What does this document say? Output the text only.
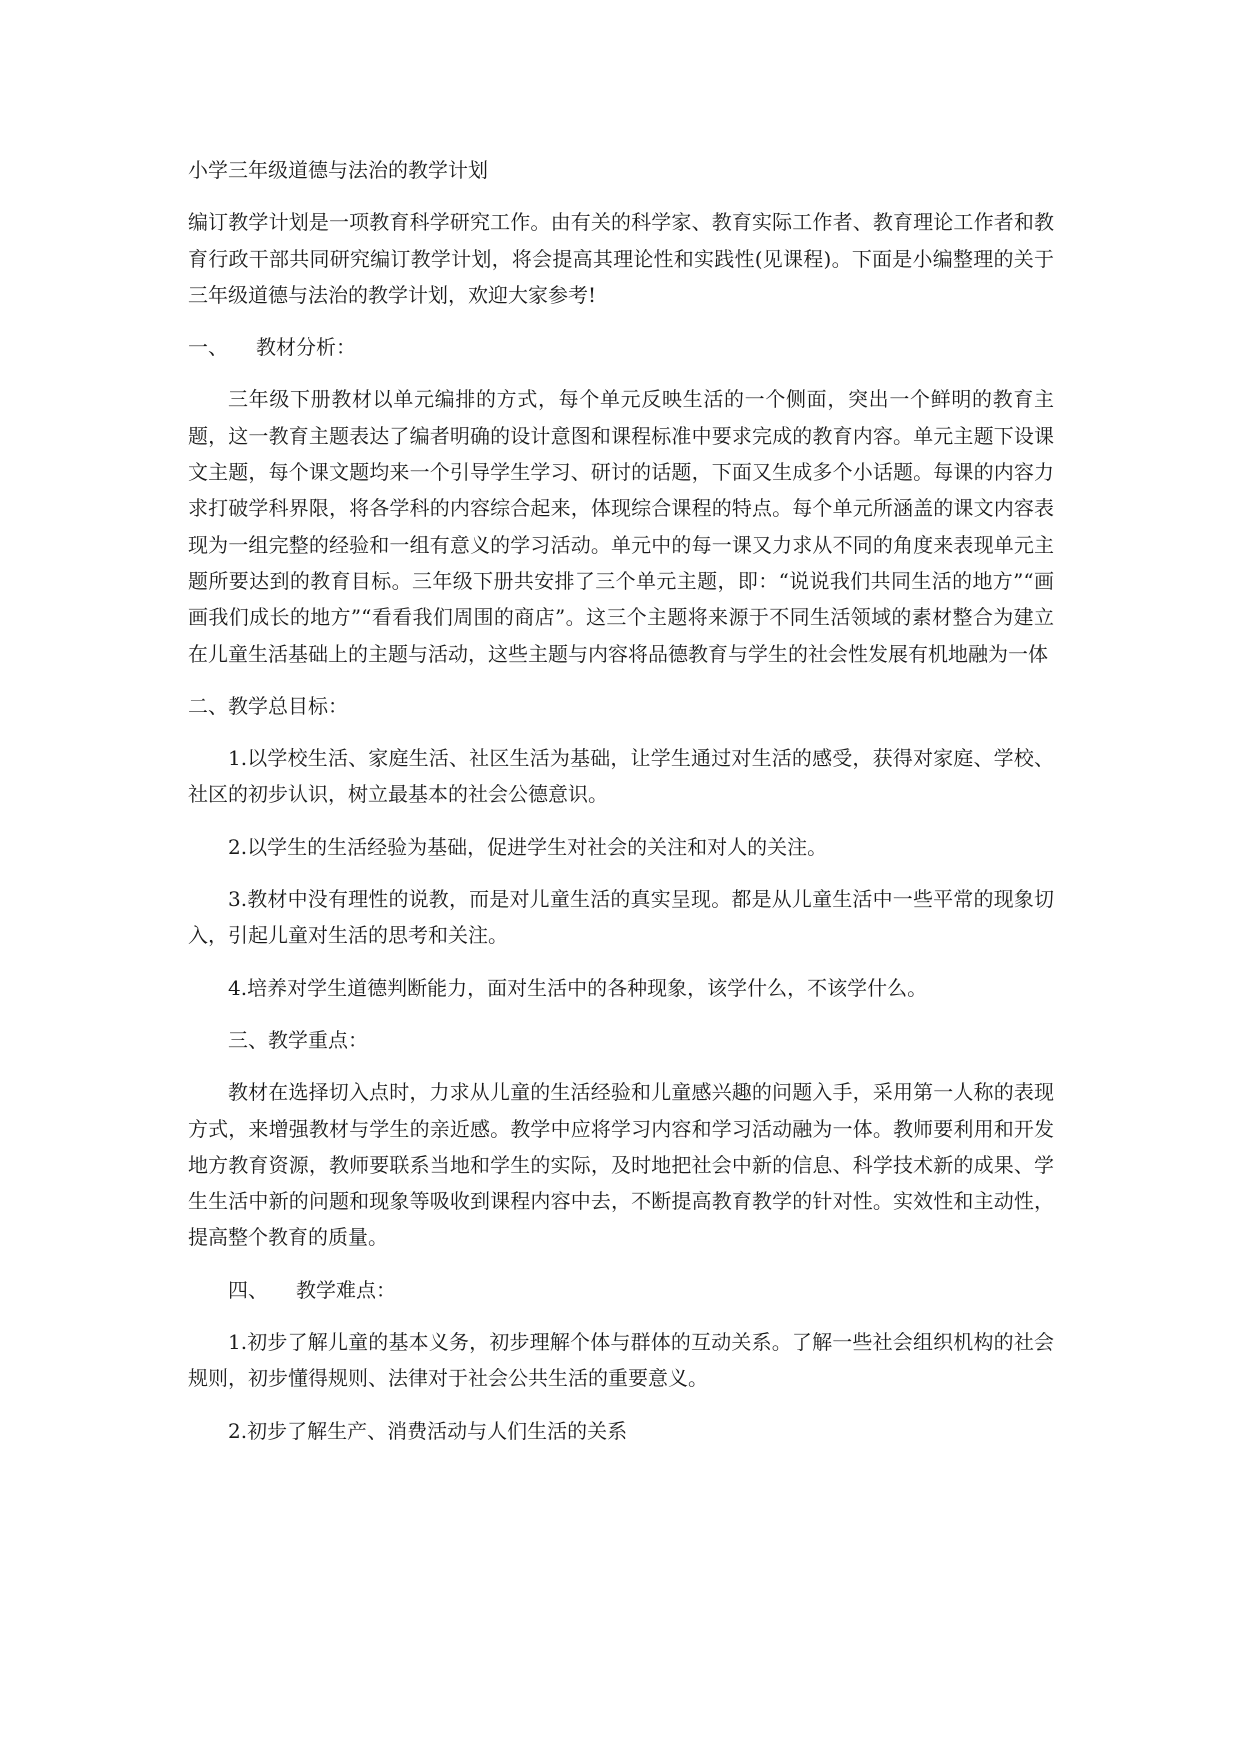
小学三年级道德与法治的教学计划

编订教学计划是一项教育科学研究工作。由有关的科学家、教育实际工作者、教育理论工作者和教育行政干部共同研究编订教学计划，将会提高其理论性和实践性(见课程)。下面是小编整理的关于三年级道德与法治的教学计划，欢迎大家参考!

一、 教材分析：

三年级下册教材以单元编排的方式，每个单元反映生活的一个侧面，突出一个鲜明的教育主题，这一教育主题表达了编者明确的设计意图和课程标准中要求完成的教育内容。单元主题下设课文主题，每个课文题均来一个引导学生学习、研讨的话题，下面又生成多个小话题。每课的内容力求打破学科界限，将各学科的内容综合起来，体现综合课程的特点。每个单元所涵盖的课文内容表现为一组完整的经验和一组有意义的学习活动。单元中的每一课又力求从不同的角度来表现单元主题所要达到的教育目标。三年级下册共安排了三个单元主题，即：“说说我们共同生活的地方”“画画我们成长的地方”“看看我们周围的商店”。这三个主题将来源于不同生活领域的素材整合为建立在儿童生活基础上的主题与活动，这些主题与内容将品德教育与学生的社会性发展有机地融为一体

二、教学总目标：

1.以学校生活、家庭生活、社区生活为基础，让学生通过对生活的感受，获得对家庭、学校、社区的初步认识，树立最基本的社会公德意识。

2.以学生的生活经验为基础，促进学生对社会的关注和对人的关注。

3.教材中没有理性的说教，而是对儿童生活的真实呈现。都是从儿童生活中一些平常的现象切入，引起儿童对生活的思考和关注。

4.培养对学生道德判断能力，面对生活中的各种现象，该学什么，不该学什么。

三、教学重点：

教材在选择切入点时，力求从儿童的生活经验和儿童感兴趣的问题入手，采用第一人称的表现方式，来增强教材与学生的亲近感。教学中应将学习内容和学习活动融为一体。教师要利用和开发地方教育资源，教师要联系当地和学生的实际，及时地把社会中新的信息、科学技术新的成果、学生生活中新的问题和现象等吸收到课程内容中去，不断提高教育教学的针对性。实效性和主动性，提高整个教育的质量。

四、 教学难点：

1.初步了解儿童的基本义务，初步理解个体与群体的互动关系。了解一些社会组织机构的社会规则，初步懂得规则、法律对于社会公共生活的重要意义。

2.初步了解生产、消费活动与人们生活的关系
